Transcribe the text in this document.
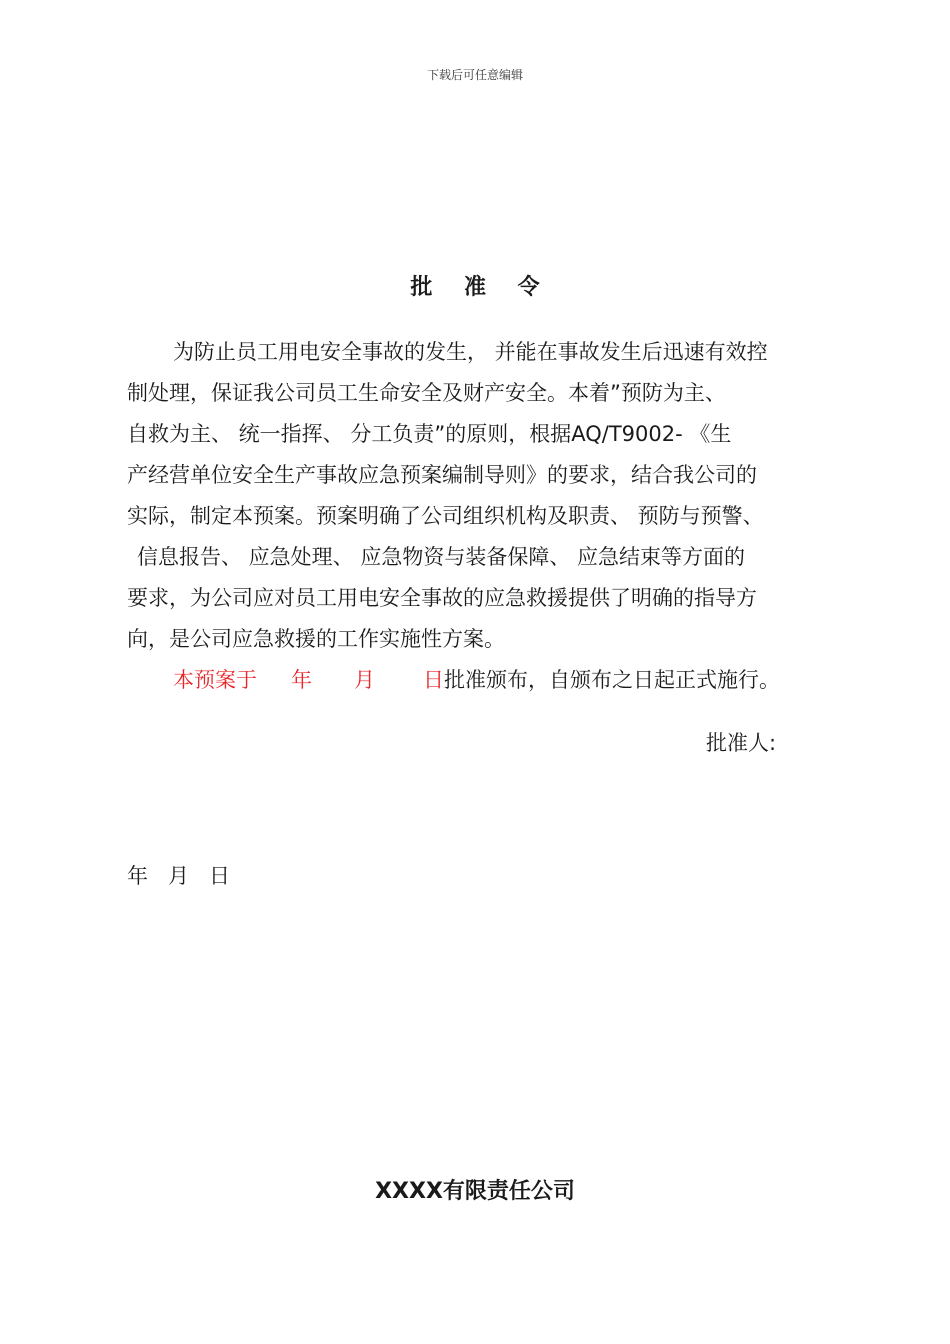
下载后可任意编辑
批 准 令
为防止员工用电安全事故的发生， 并能在事故发生后迅速有效控
制处理，保证我公司员工生命安全及财产安全。本着”预防为主、
自救为主、 统一指挥、 分工负责”的原则，根据AQ/T9002- 《生
产经营单位安全生产事故应急预案编制导则》的要求，结合我公司的
实际，制定本预案。预案明确了公司组织机构及职责、 预防与预警、
信息报告、 应急处理、 应急物资与装备保障、 应急结束等方面的
要求，为公司应对员工用电安全事故的应急救援提供了明确的指导方
向，是公司应急救援的工作实施性方案。
本预案于 年 月 日批准颁布，自颁布之日起正式施行。
批准人:
年 月 日
XXXX有限责任公司
